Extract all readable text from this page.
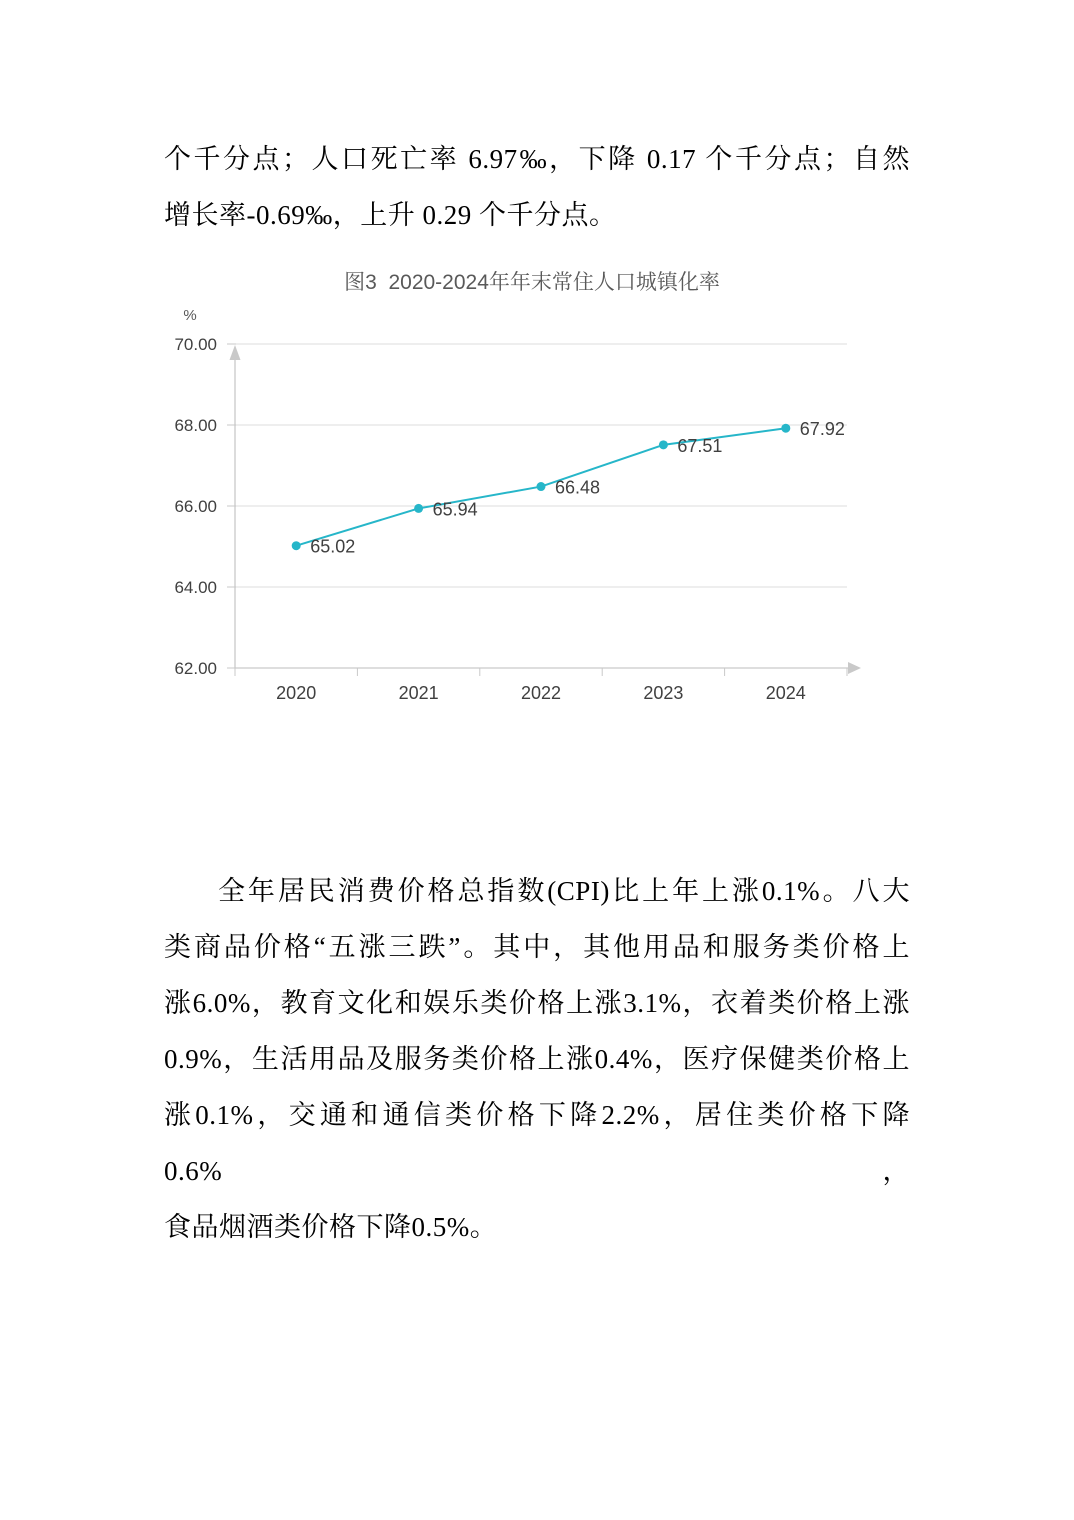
个千分点；人口死亡率 6.97‰，下降 0.17 个千分点；自然
增长率-0.69‰，上升 0.29 个千分点。
图3  2020-2024年年末常住人口城镇化率
62.00
64.00
66.00
68.00
70.00
%
2020	2021	2022	2023	2024
65.02
65.94
66.48
67.51
67.92
全年居民消费价格总指数(CPI)比上年上涨0.1%。八大
类商品价格“五涨三跌”。其中，其他用品和服务类价格上
涨6.0%，教育文化和娱乐类价格上涨3.1%，衣着类价格上涨
0.9%，生活用品及服务类价格上涨0.4%，医疗保健类价格上
涨0.1%，交通和通信类价格下降2.2%，居住类价格下降0.6%，
食品烟酒类价格下降0.5%。
